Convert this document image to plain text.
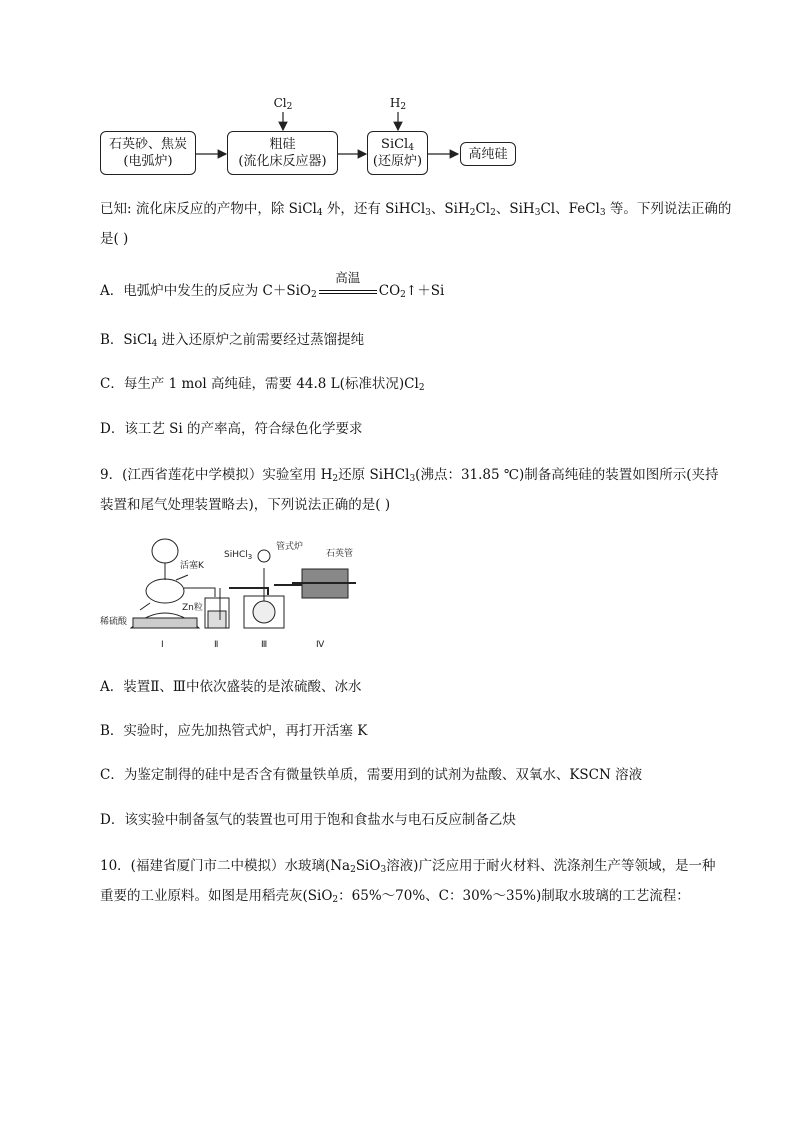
$Cl_2$	$H_2$
石英砂、焦炭
(电弧炉)
粗硅
(流化床反应器)
SiCl$_4$
(还原炉)	高纯硅
已知: 流化床反应的产物中，除 SiCl$_4$ 外，还有 SiHCl$_3$、$SiH_2Cl_2$、SiH$_3$Cl、FeCl$_3$ 等。下列说法正确的
是( )
A．电弧炉中发生的反应为 C＋SiO$_2$
高温
$CO_2↑+Si$
B．SiCl$_4$ 进入还原炉之前需要经过蒸馏提纯
C．每生产 1 mol 高纯硅，需要 44.8 L(标准状况)$Cl_2$
D．该工艺 Si 的产率高，符合绿色化学要求
9．(江西省莲花中学模拟）实验室用 $H_2$还原 SiHCl$_3$(沸点：31.85 ℃)制备高纯硅的装置如图所示(夹持
装置和尾气处理装置略去)，下列说法正确的是( )
活塞K
SiHCl$_3$
管式炉
石英管
Zn粒
稀硫酸
Ⅰ	Ⅱ	Ⅲ	Ⅳ
A．装置Ⅱ、Ⅲ中依次盛装的是浓硫酸、冰水
B．实验时，应先加热管式炉，再打开活塞 K
C．为鉴定制得的硅中是否含有微量铁单质，需要用到的试剂为盐酸、双氧水、KSCN 溶液
D．该实验中制备氢气的装置也可用于饱和食盐水与电石反应制备乙炔
10．(福建省厦门市二中模拟）水玻璃($Na_2SiO_3$溶液)广泛应用于耐火材料、洗涤剂生产等领域，是一种
重要的工业原料。如图是用稻壳灰(SiO$_2$：65%～70%、C：30%～35%)制取水玻璃的工艺流程：
